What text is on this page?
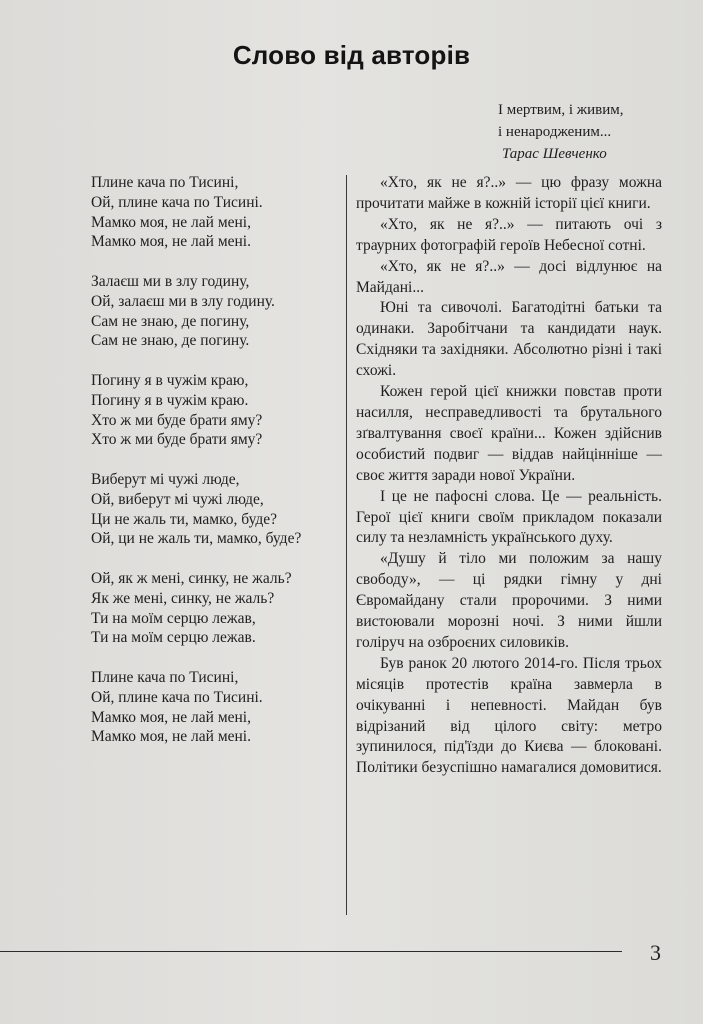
Слово від авторів
І мертвим, і живим,
і ненародженим...
Тарас Шевченко
Плине кача по Тисині,
Ой, плине кача по Тисині.
Мамко моя, не лай мені,
Мамко моя, не лай мені.
Залаєш ми в злу годину,
Ой, залаєш ми в злу годину.
Сам не знаю, де погину,
Сам не знаю, де погину.
Погину я в чужім краю,
Погину я в чужім краю.
Хто ж ми буде брати яму?
Хто ж ми буде брати яму?
Виберут мі чужі люде,
Ой, виберут мі чужі люде,
Ци не жаль ти, мамко, буде?
Ой, ци не жаль ти, мамко, буде?
Ой, як ж мені, синку, не жаль?
Як же мені, синку, не жаль?
Ти на моїм серцю лежав,
Ти на моїм серцю лежав.
Плине кача по Тисині,
Ой, плине кача по Тисині.
Мамко моя, не лай мені,
Мамко моя, не лай мені.

«Хто, як не я?..» — цю фразу можна прочитати майже в кожній історії цієї книги.

«Хто, як не я?..» — питають очі з траурних фотографій героїв Небесної сотні.

«Хто, як не я?..» — досі відлунює на Майдані...

Юні та сивочолі. Багатодітні батьки та одинаки. Заробітчани та кандидати наук. Східняки та західняки. Абсолютно різні і такі схожі.

Кожен герой цієї книжки повстав проти насилля, несправедливості та брутального зґвалтування своєї країни... Кожен здійснив особистий подвиг — віддав найцінніше — своє життя заради нової України.

І це не пафосні слова. Це — реальність. Герої цієї книги своїм прикладом показали силу та незламність українського духу.

«Душу й тіло ми положим за нашу свободу», — ці рядки гімну у дні Євромайдану стали пророчими. З ними вистоювали морозні ночі. З ними йшли голіруч на озброєних силовиків.

Був ранок 20 лютого 2014-го. Після трьох місяців протестів країна завмерла в очікуванні і непевності. Майдан був відрізаний від цілого світу: метро зупинилося, під'їзди до Києва — блоковані. Політики безуспішно намагалися домовитися.

3
